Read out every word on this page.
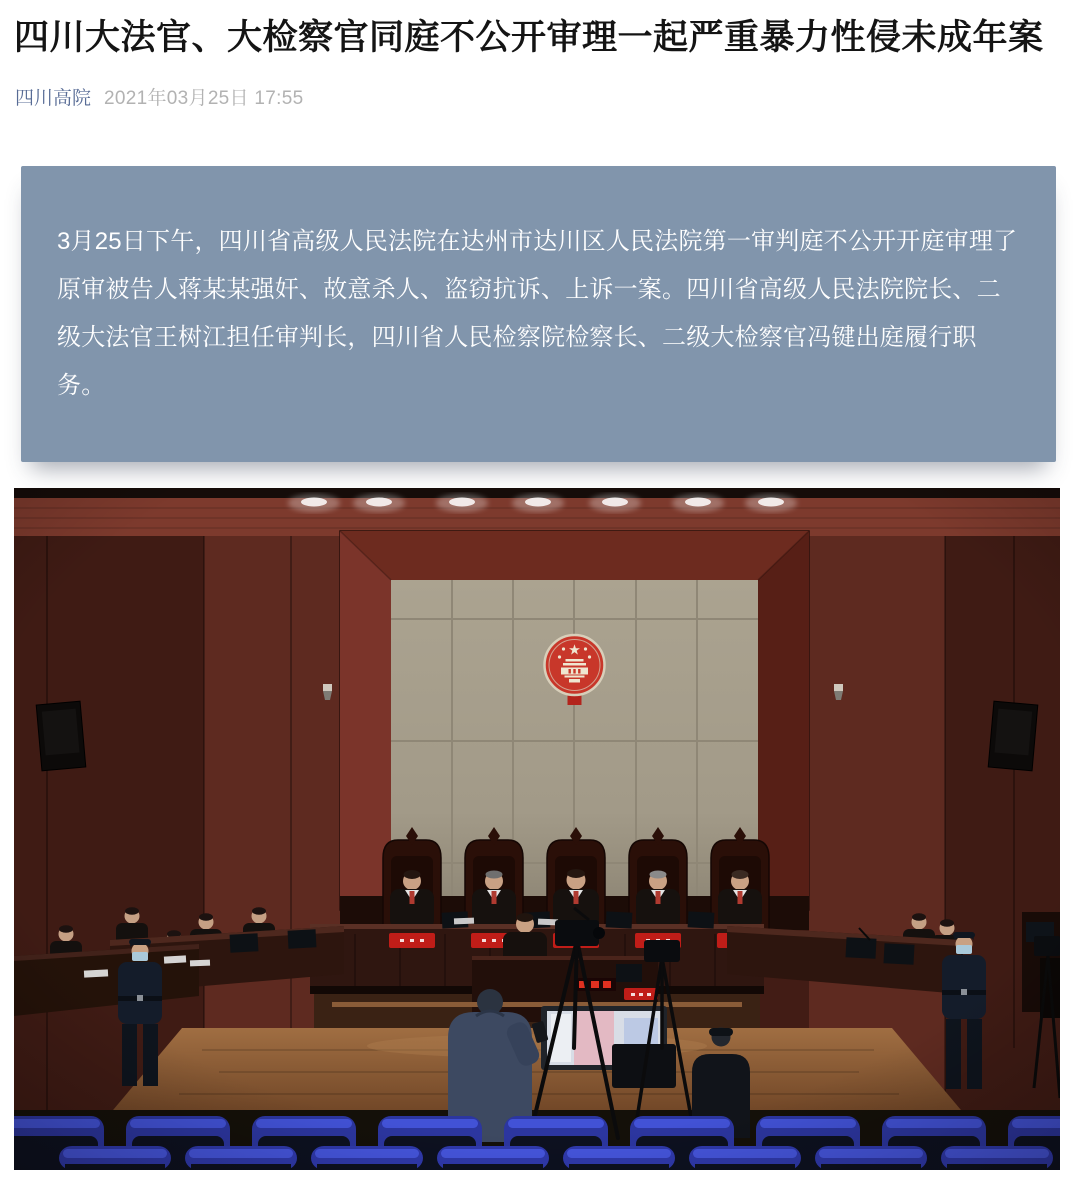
四川大法官、大检察官同庭不公开审理一起严重暴力性侵未成年案
四川高院 2021年03月25日 17:55

3月25日下午，四川省高级人民法院在达州市达川区人民法院第一审判庭不公开开庭审理了原审被告人蒋某某强奸、故意杀人、盗窃抗诉、上诉一案。四川省高级人民法院院长、二级大法官王树江担任审判长，四川省人民检察院检察长、二级大检察官冯键出庭履行职务。
